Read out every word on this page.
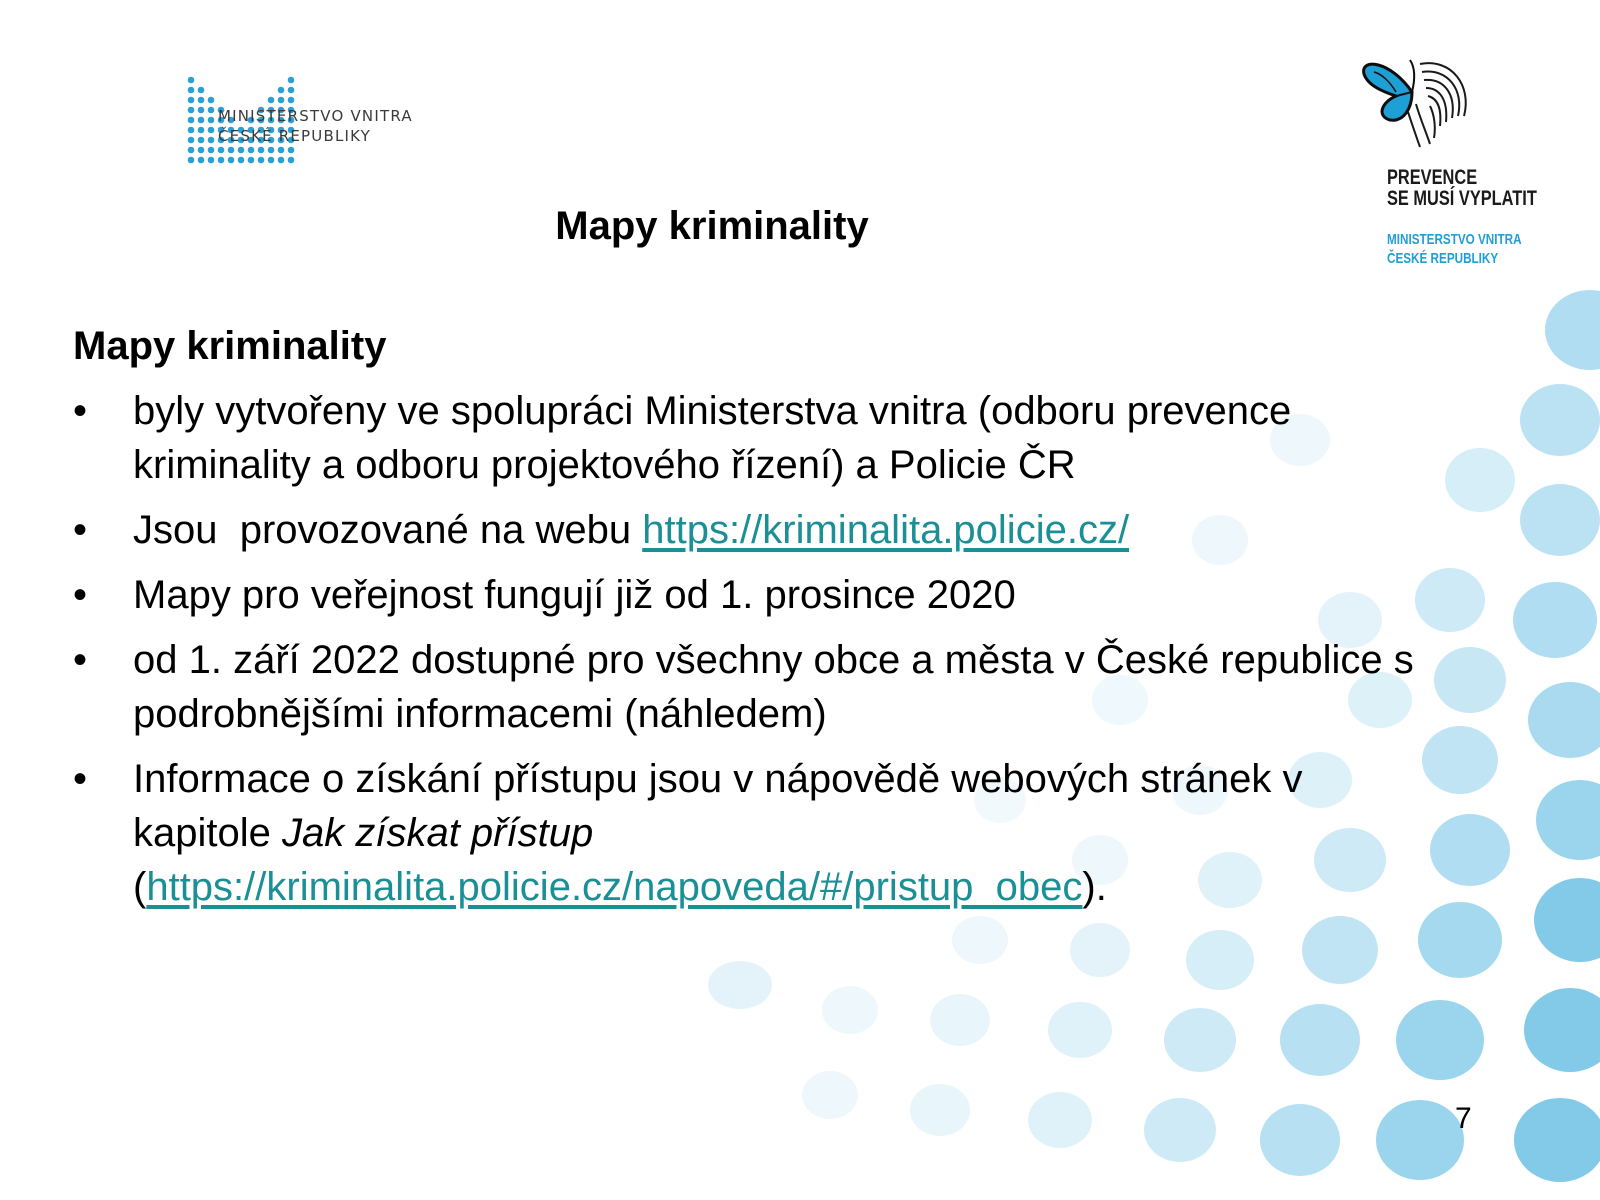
MINISTERSTVO VNITRA
ČESKÉ REPUBLIKY
PREVENCE
SE MUSÍ VYPLATIT
MINISTERSTVO VNITRA
ČESKÉ REPUBLIKY
Mapy kriminality
Mapy kriminality
• byly vytvořeny ve spolupráci Ministerstva vnitra (odboru prevence kriminality a odboru projektového řízení) a Policie ČR
• Jsou  provozované na webu https://kriminalita.policie.cz/
• Mapy pro veřejnost fungují již od 1. prosince 2020
• od 1. září 2022 dostupné pro všechny obce a města v České republice s podrobnějšími informacemi (náhledem)
• Informace o získání přístupu jsou v nápovědě webových stránek v kapitole Jak získat přístup (https://kriminalita.policie.cz/napoveda/#/pristup_obec).
7
